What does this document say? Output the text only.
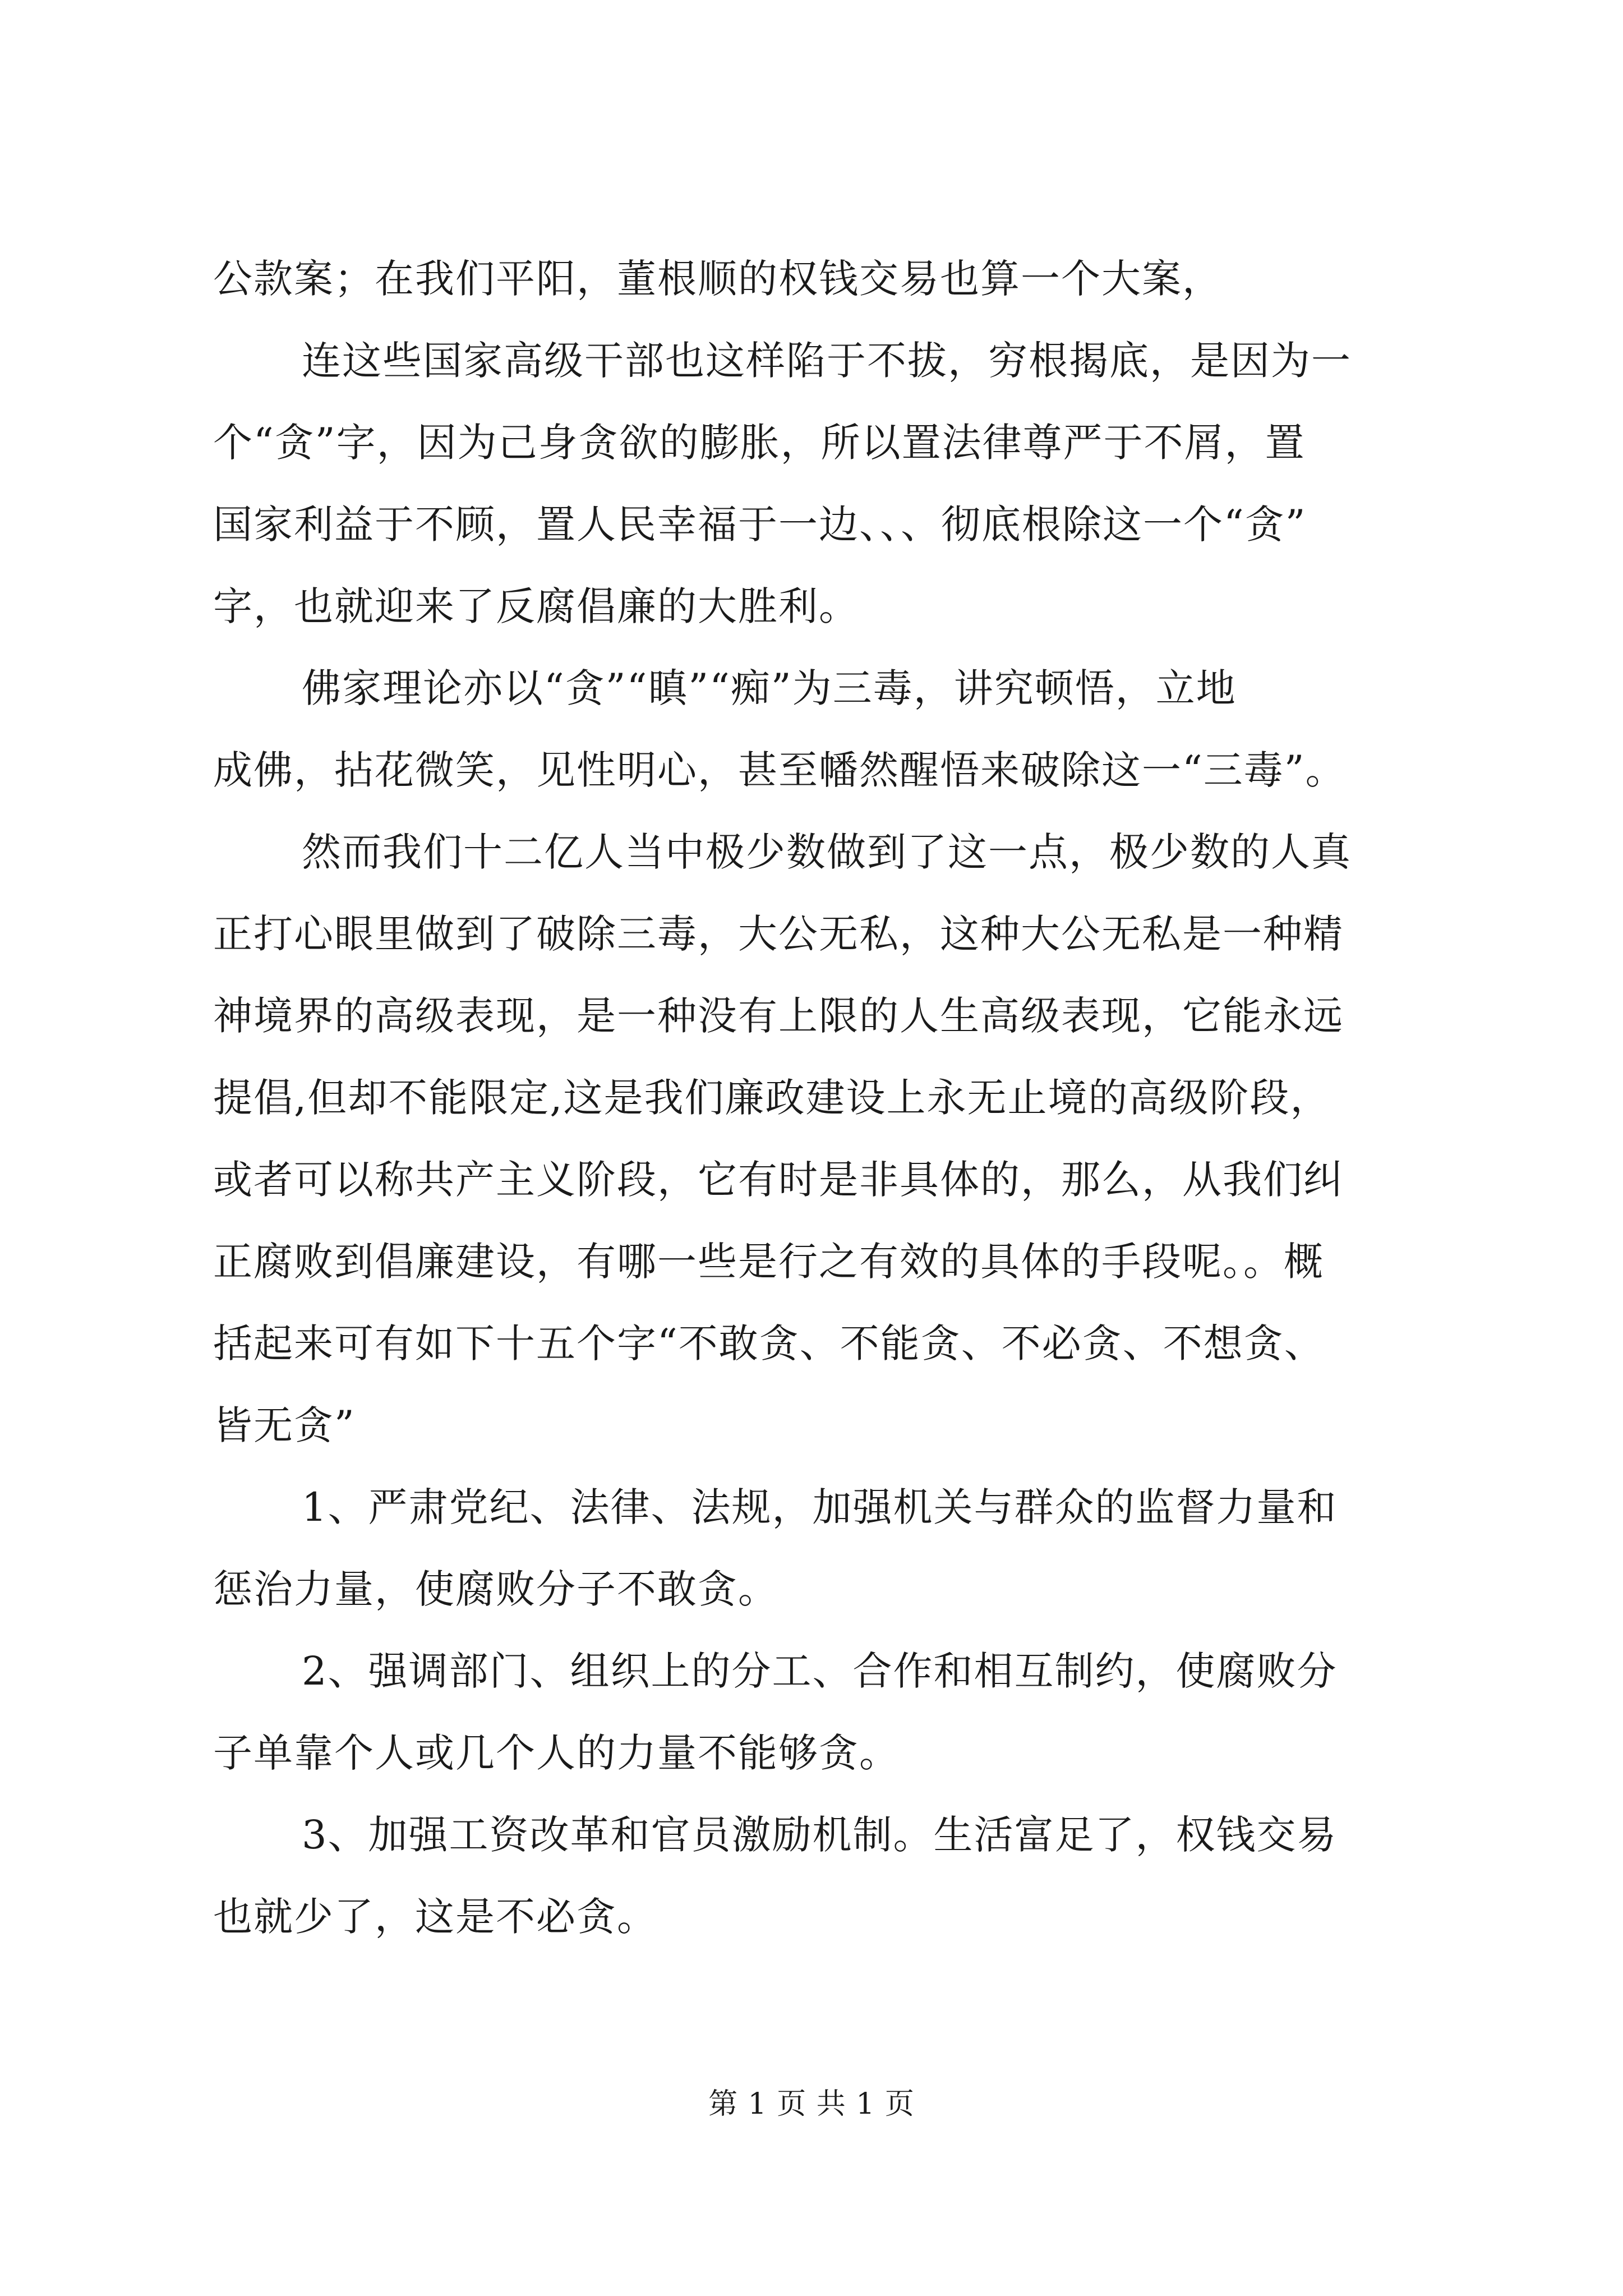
公款案；在我们平阳，董根顺的权钱交易也算一个大案，
连这些国家高级干部也这样陷于不拔，穷根揭底，是因为一
个“贪”字，因为己身贪欲的膨胀，所以置法律尊严于不屑，置
国家利益于不顾，置人民幸福于一边、、、彻底根除这一个“贪”
字，也就迎来了反腐倡廉的大胜利。
佛家理论亦以“贪”“瞋”“痴”为三毒，讲究顿悟，立地
成佛，拈花微笑，见性明心，甚至幡然醒悟来破除这一“三毒”。
然而我们十二亿人当中极少数做到了这一点，极少数的人真
正打心眼里做到了破除三毒，大公无私，这种大公无私是一种精
神境界的高级表现，是一种没有上限的人生高级表现，它能永远
提倡,但却不能限定,这是我们廉政建设上永无止境的高级阶段，
或者可以称共产主义阶段，它有时是非具体的，那么，从我们纠
正腐败到倡廉建设，有哪一些是行之有效的具体的手段呢。。概
括起来可有如下十五个字“不敢贪、不能贪、不必贪、不想贪、
皆无贪”
1、严肃党纪、法律、法规，加强机关与群众的监督力量和
惩治力量，使腐败分子不敢贪。
2、强调部门、组织上的分工、合作和相互制约，使腐败分
子单靠个人或几个人的力量不能够贪。
3、加强工资改革和官员激励机制。生活富足了，权钱交易
也就少了，这是不必贪。
第 1 页 共 1 页
